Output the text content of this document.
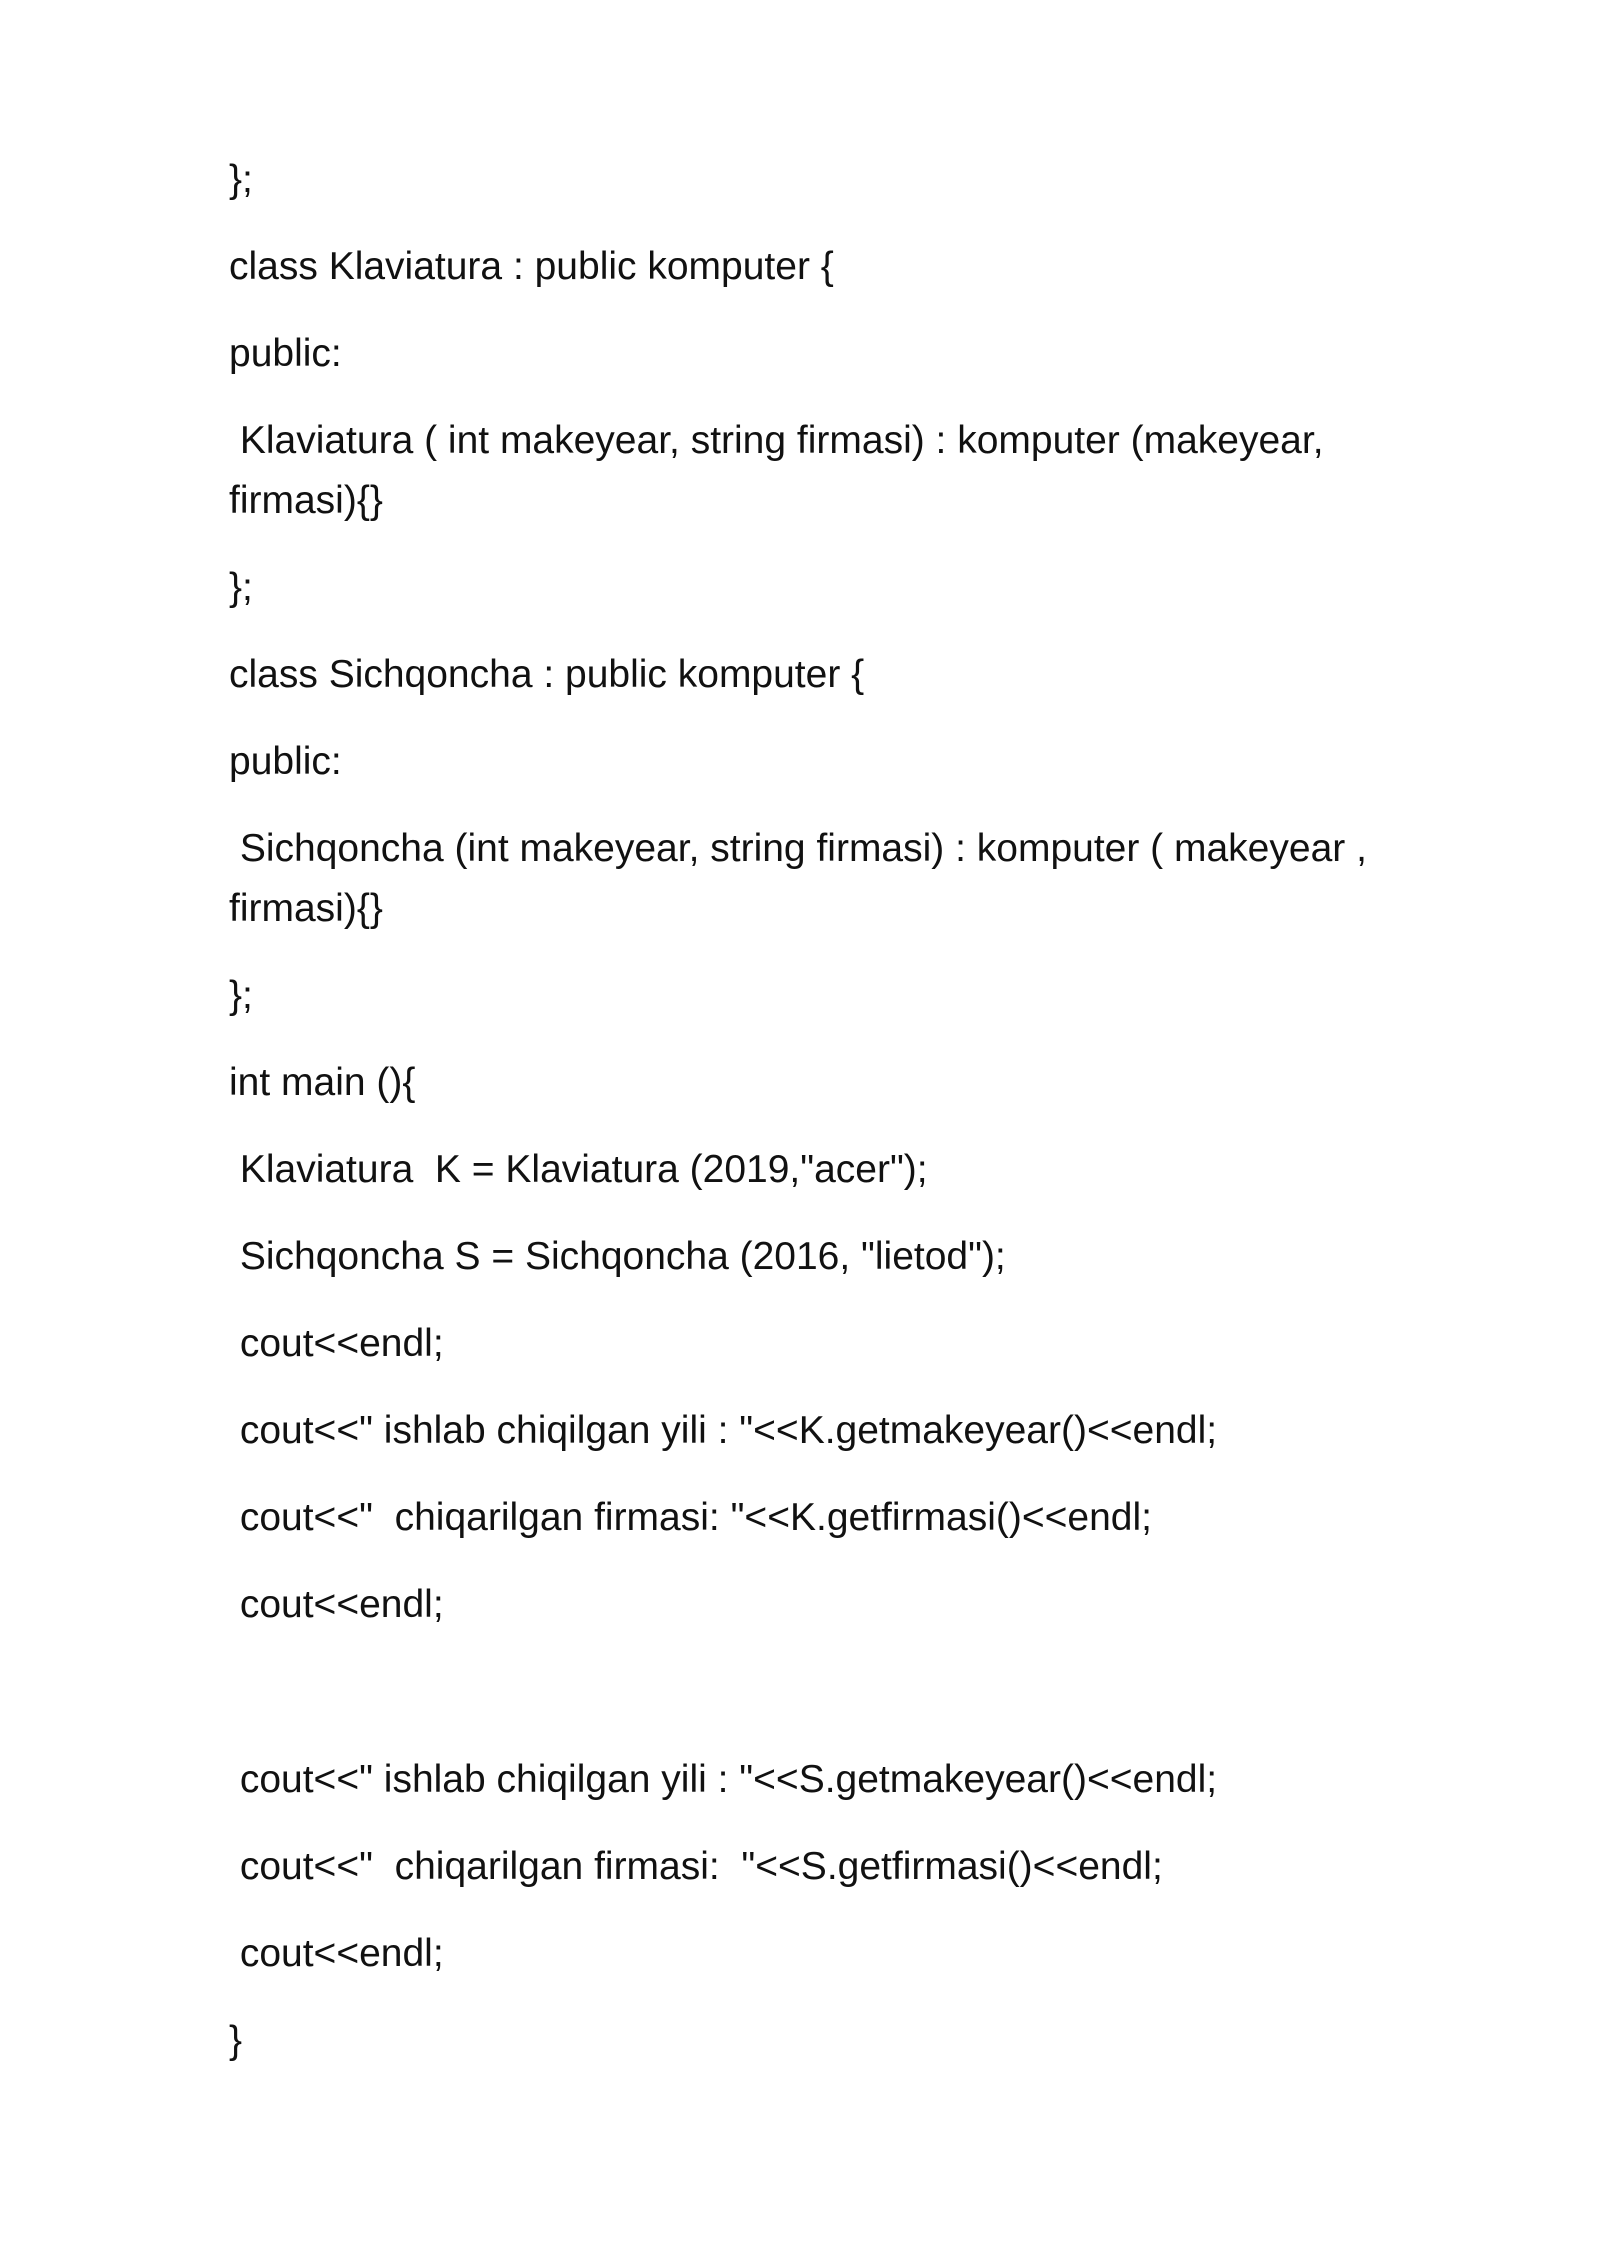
};
class Klaviatura : public komputer {
public:
Klaviatura ( int makeyear, string firmasi) : komputer (makeyear,
firmasi){}
};
class Sichqoncha : public komputer {
public:
Sichqoncha (int makeyear, string firmasi) : komputer ( makeyear ,
firmasi){}
};
int main (){
Klaviatura  K = Klaviatura (2019,"acer");
Sichqoncha S = Sichqoncha (2016, "lietod");
cout<<endl;
cout<<" ishlab chiqilgan yili : "<<K.getmakeyear()<<endl;
cout<<"  chiqarilgan firmasi: "<<K.getfirmasi()<<endl;
cout<<endl;
cout<<" ishlab chiqilgan yili : "<<S.getmakeyear()<<endl;
cout<<"  chiqarilgan firmasi:  "<<S.getfirmasi()<<endl;
cout<<endl;
}
